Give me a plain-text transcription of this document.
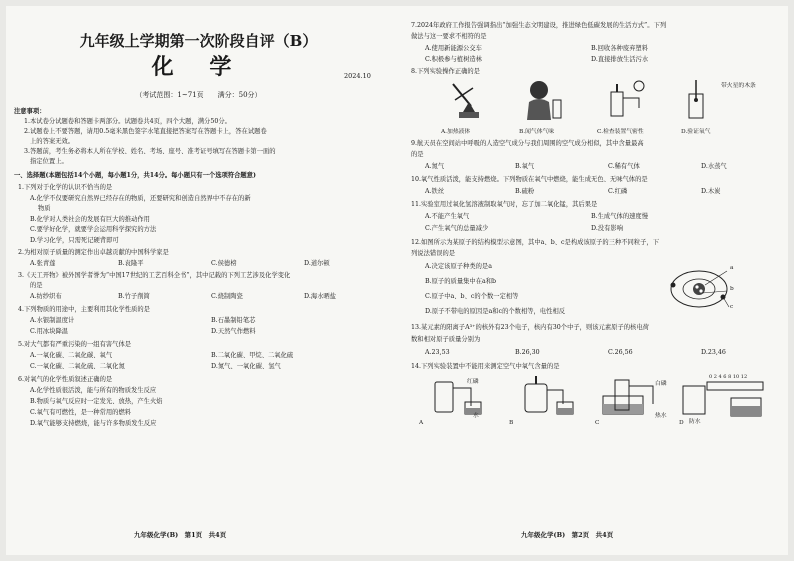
九年级上学期第一次阶段自评（B）
化 学	2024.10
（考试范围：1~71页　　满分：50分）
注意事项：
1.本试卷分试题卷和答题卡两部分。试题卷共4页，四个大题，满分50分。
2.试题卷上不要答题，请用0.5毫米黑色签字水笔直接把答案写在答题卡上，答在试题卷
上的答案无效。
3.答题前，考生务必将本人所在学校、姓名、考场、座号、准考证号填写在答题卡第一面的
指定位置上。
一、选择题(本题包括14个小题，每小题1分，共14分。每小题只有一个选项符合题意)
1.下列对于化学的认识不恰当的是
A.化学不仅要研究自然界已经存在的物质，还要研究和创造自然界中不存在的新
物质
B.化学对人类社会的发展有巨大的推动作用
C.要学好化学，就要学会运用科学探究的方法
D.学习化学，只需死记硬背即可
2.为相对原子质量的测定作出卓越贡献的中国科学家是
A.张青莲	B.袁隆平	C.侯德榜	D.道尔顿
3.《天工开物》被外国学者誉为“中国17世纪的工艺百科全书”，其中记载的下列工艺涉及化学变化
的是
A.纺纱织布	B.竹子削简	C.烧制陶瓷	D.海水晒盐
4.下列物质的用途中，主要利用其化学性质的是
A.水银制温度计	B.石墨制铅笔芯
C.用冰块降温	D.天然气作燃料
5.对大气都有严重污染的一组有害气体是
A.一氧化碳、二氧化碳、氧气	B.二氧化碳、甲烷、二氧化硫
C.一氧化碳、二氧化硫、二氧化氮	D.氮气、一氧化碳、氢气
6.对氧气的化学性质叙述正确的是
A.化学性质很活泼，能与所有的物质发生反应
B.物质与氧气反应时一定发光、放热，产生火焰
C.氧气有可燃性，是一种常用的燃料
D.氧气能够支持燃烧，能与许多物质发生反应
九年级化学(B)　第1页　共4页
7.2024年政府工作报告强调指出“加强生态文明建设，推进绿色低碳发展的生活方式”。下列
做法与这一要求不相符的是
A.使用新能源公交车	B.回收各种废弃塑料
C.积极参与植树造林	D.直接排放生活污水
8.下列实验操作正确的是
A.加热液体	B.闻气体气味	C.检查装置气密性
带火星的木条
D.验证氧气
9.航天员在空间站中呼吸的人造空气成分与我们周围的空气成分相似，其中含量最高
的是
A.氮气	B.氧气	C.稀有气体	D.水蒸气
10.氧气性质活泼，能支持燃烧。下列物质在氧气中燃烧，能生成无色、无味气体的是
A.铁丝	B.硫粉	C.红磷	D.木炭
11.实验室用过氧化氢溶液制取氧气时，忘了加二氧化锰，其后果是
A.不能产生氧气	B.生成气体的速度慢
C.产生氧气的总量减少	D.没有影响
12.如图所示为某原子的结构模型示意图，其中a、b、c是构成该原子的三种不同粒子，下
列说法错误的是
A.决定该原子种类的是a
B.原子的质量集中在a和b
C.原子中a、b、c的个数一定相等
D.原子不带电的原因是a和c的个数相等，电性相反
a
b
c
13.某元素的阳离子A³⁺的核外有23个电子，核内有30个中子，则该元素原子的核电荷
数和相对原子质量分别为
A.23,53	B.26,30	C.26,56	D.23,46
14.下列实验装置中不能用来测定空气中氧气含量的是
A
红磷
水
B	C
白磷
热水
0 2 4 6 8 10 12
防水
D
九年级化学(B)　第2页　共4页
